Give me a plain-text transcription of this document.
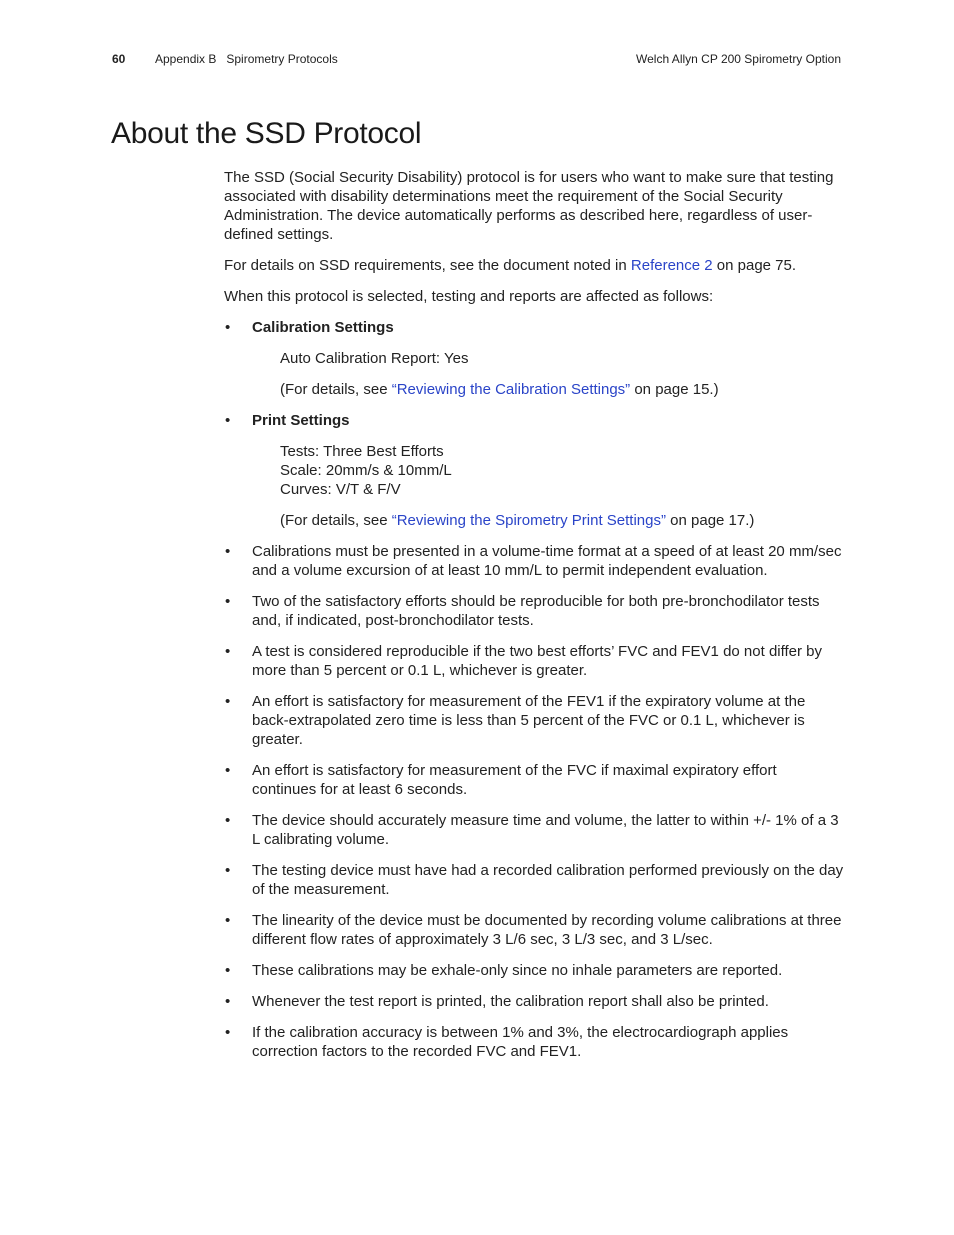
60 Appendix B   Spirometry Protocols	Welch Allyn CP 200 Spirometry Option
About the SSD Protocol

The SSD (Social Security Disability) protocol is for users who want to make sure that testing associated with disability determinations meet the requirement of the Social Security Administration. The device automatically performs as described here, regardless of user-defined settings.

For details on SSD requirements, see the document noted in Reference 2 on page 75.

When this protocol is selected, testing and reports are affected as follows:

• Calibration Settings
Auto Calibration Report: Yes
(For details, see “Reviewing the Calibration Settings” on page 15.)
• Print Settings
Tests: Three Best Efforts
Scale: 20mm/s & 10mm/L
Curves: V/T & F/V
(For details, see “Reviewing the Spirometry Print Settings” on page 17.)
• Calibrations must be presented in a volume-time format at a speed of at least 20 mm/sec and a volume excursion of at least 10 mm/L to permit independent evaluation.
• Two of the satisfactory efforts should be reproducible for both pre-bronchodilator tests and, if indicated, post-bronchodilator tests.
• A test is considered reproducible if the two best efforts’ FVC and FEV1 do not differ by more than 5 percent or 0.1 L, whichever is greater.
• An effort is satisfactory for measurement of the FEV1 if the expiratory volume at the back-extrapolated zero time is less than 5 percent of the FVC or 0.1 L, whichever is greater.
• An effort is satisfactory for measurement of the FVC if maximal expiratory effort continues for at least 6 seconds.
• The device should accurately measure time and volume, the latter to within +/- 1% of a 3 L calibrating volume.
• The testing device must have had a recorded calibration performed previously on the day of the measurement.
• The linearity of the device must be documented by recording volume calibrations at three different flow rates of approximately 3 L/6 sec, 3 L/3 sec, and 3 L/sec.
• These calibrations may be exhale-only since no inhale parameters are reported.
• Whenever the test report is printed, the calibration report shall also be printed.
• If the calibration accuracy is between 1% and 3%, the electrocardiograph applies correction factors to the recorded FVC and FEV1.
